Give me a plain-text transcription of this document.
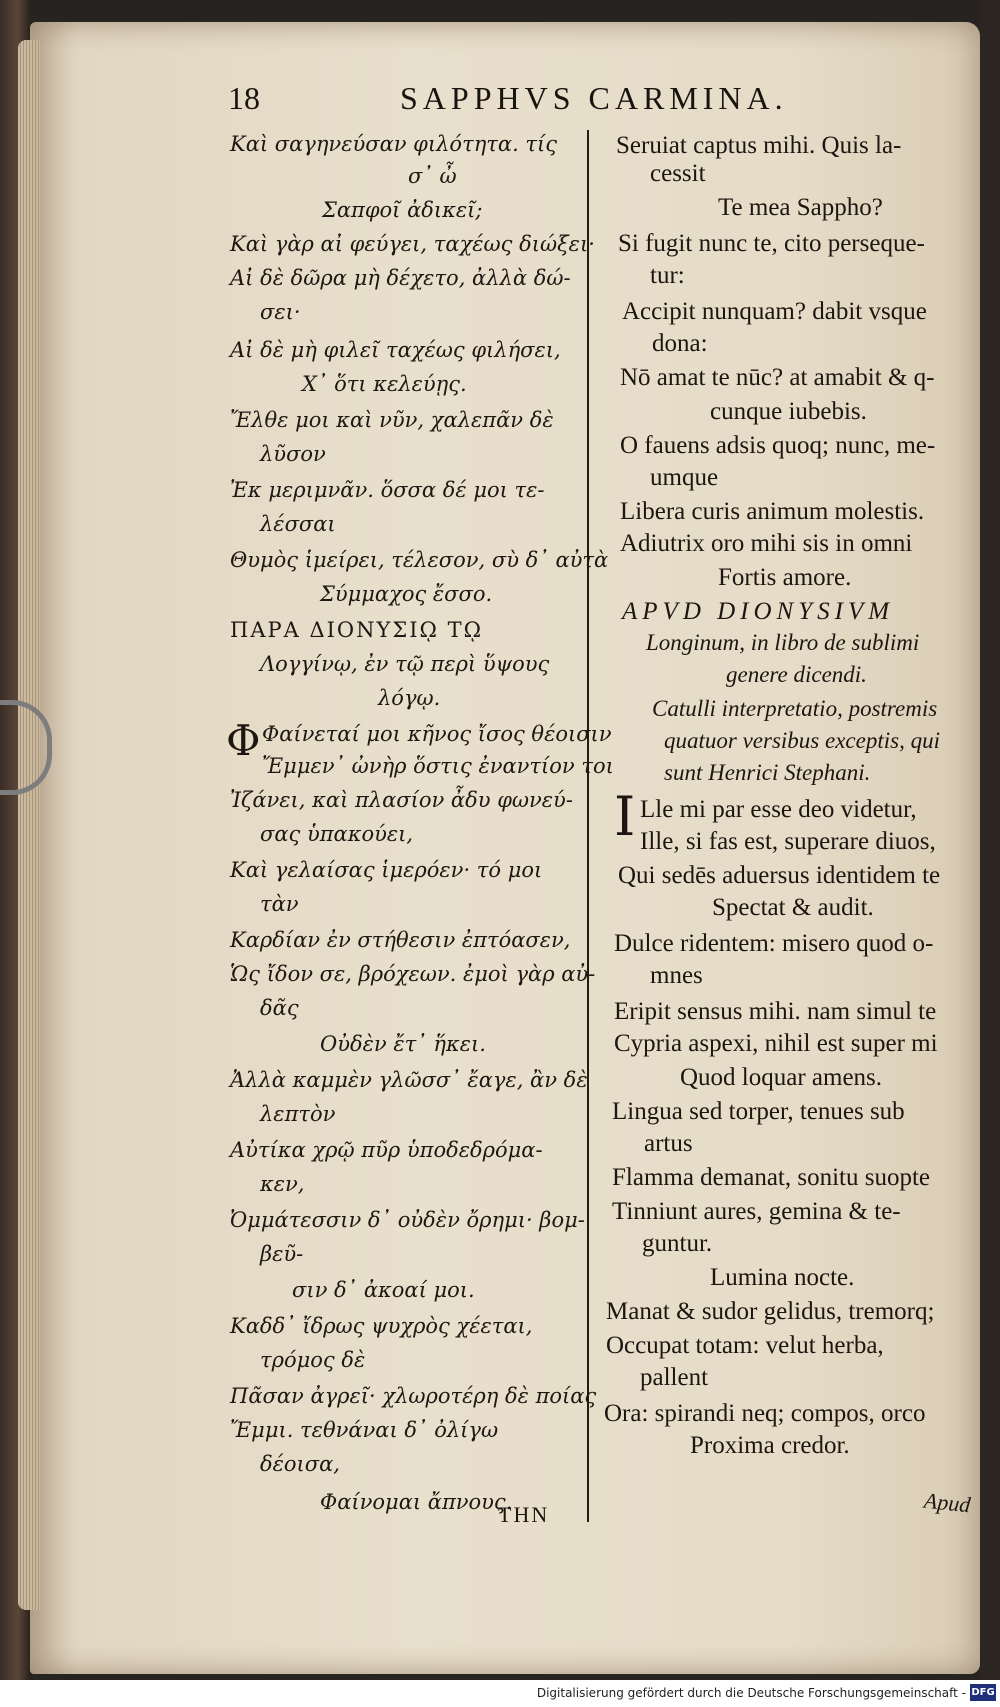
18	SAPPHVS CARMINA.
Καὶ σαγηνεύσαν φιλότητα. τίς
σ᾽ ὦ
Σαπφοῖ ἀδικεῖ;
Καὶ γὰρ αἰ φεύγει, ταχέως διώξει·
Αἰ δὲ δῶρα μὴ δέχετο, ἀλλὰ δώ-
σει·
Αἰ δὲ μὴ φιλεῖ ταχέως φιλήσει,
Χ᾽ ὅτι κελεύῃς.
Ἔλθε μοι καὶ νῦν, χαλεπᾶν δὲ
λῦσον
Ἐκ μεριμνᾶν. ὅσσα δέ μοι τε-
λέσσαι
Θυμὸς ἱμείρει, τέλεσον, σὺ δ᾽ αὐτὰ
Σύμμαχος ἔσσο.
ΠΑΡΑ ΔΙΟΝΥΣΙῼ Τῼ
Λογγίνῳ, ἐν τῷ περὶ ὕψους
λόγῳ.
Φ Φαίνεταί μοι κῆνος ἴσος θέοισιν
Ἔμμεν᾽ ὠνὴρ ὅστις ἐναντίον τοι
Ἰζάνει, καὶ πλασίον ἆδυ φωνεύ-
σας ὑπακούει,
Καὶ γελαίσας ἱμερόεν· τό μοι
τὰν
Καρδίαν ἐν στήθεσιν ἐπτόασεν,
Ὡς ἴδον σε, βρόχεων. ἐμοὶ γὰρ αὐ-
δᾶς
Οὐδὲν ἔτ᾽ ἥκει.
Ἀλλὰ καμμὲν γλῶσσ᾽ ἔαγε, ἂν δὲ
λεπτὸν
Αὐτίκα χρῷ πῦρ ὑποδεδρόμα-
κεν,
Ὀμμάτεσσιν δ᾽ οὐδὲν ὄρημι· βομ-
βεῦ-
σιν δ᾽ ἀκοαί μοι.
Καδδ᾽ ἴδρως ψυχρὸς χέεται,
τρόμος δὲ
Πᾶσαν ἀγρεῖ· χλωροτέρη δὲ ποίας
Ἔμμι. τεθνάναι δ᾽ ὀλίγω
δέοισα,
Φαίνομαι ἄπνους.
THN
Seruiat captus mihi. Quis la-
cessit
Te mea Sappho?
Si fugit nunc te, cito perseque-
tur:
Accipit nunquam? dabit vsque
dona:
Nō amat te nūc? at amabit & q-
cunque iubebis.
O fauens adsis quoq; nunc, me-
umque
Libera curis animum molestis.
Adiutrix oro mihi sis in omni
Fortis amore.
APVD DIONYSIVM
Longinum, in libro de sublimi
genere dicendi.
Catulli interpretatio, postremis
quatuor versibus exceptis, qui
sunt Henrici Stephani.
I Lle mi par esse deo videtur,
Ille, si fas est, superare diuos,
Qui sedēs aduersus identidem te
Spectat & audit.
Dulce ridentem: misero quod o-
mnes
Eripit sensus mihi. nam simul te
Cypria aspexi, nihil est super mi
Quod loquar amens.
Lingua sed torper, tenues sub
artus
Flamma demanat, sonitu suopte
Tinniunt aures, gemina & te-
guntur.
Lumina nocte.
Manat & sudor gelidus, tremorq;
Occupat totam: velut herba,
pallent
Ora: spirandi neq; compos, orco
Proxima credor.
Apud
Digitalisierung gefördert durch die Deutsche Forschungsgemeinschaft - DFG
